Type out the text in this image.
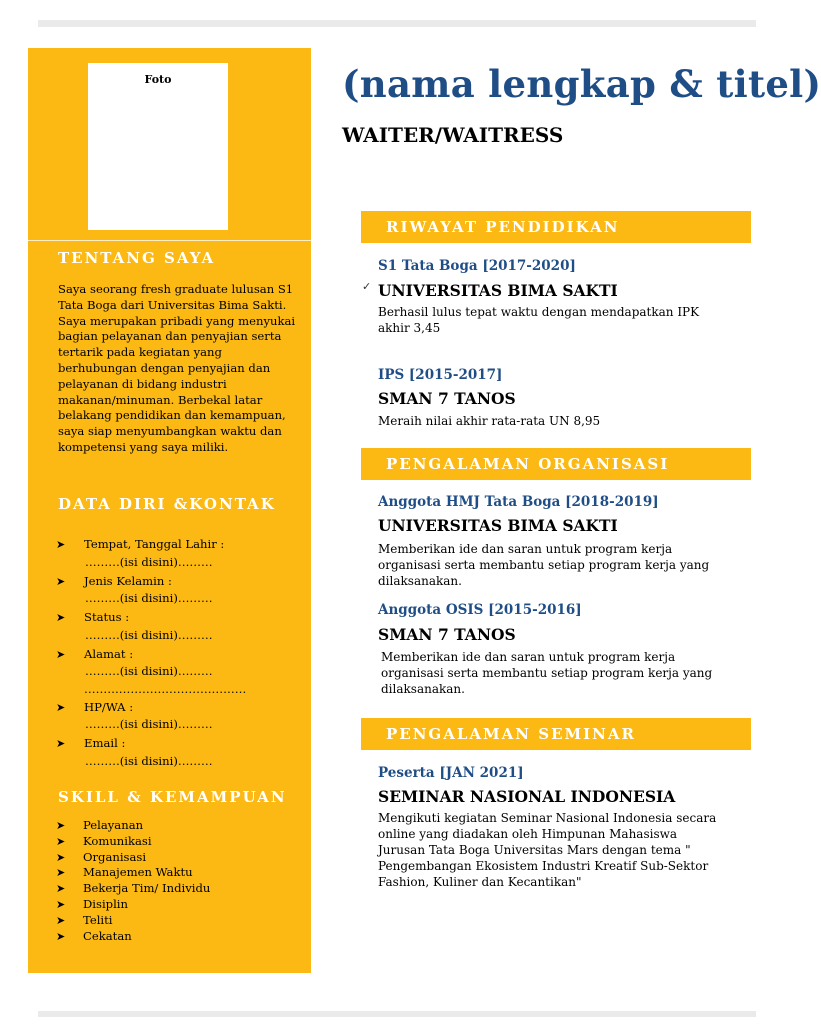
Foto
TENTANG SAYA

Saya seorang fresh graduate lulusan S1 Tata Boga dari Universitas Bima Sakti. Saya merupakan pribadi yang menyukai bagian pelayanan dan penyajian serta tertarik pada kegiatan yang berhubungan dengan penyajian dan pelayanan di bidang industri makanan/minuman. Berbekal latar belakang pendidikan dan kemampuan, saya siap menyumbangkan waktu dan kompetensi yang saya miliki.

DATA DIRI &KONTAK
➤ Tempat, Tanggal Lahir :
………(isi disini)………
➤ Jenis Kelamin :
………(isi disini)………
➤ Status :
………(isi disini)………
➤ Alamat :
………(isi disini)………
……………………………………
➤ HP/WA :
………(isi disini)………
➤ Email :
………(isi disini)………
SKILL & KEMAMPUAN
➤ Pelayanan
➤ Komunikasi
➤ Organisasi
➤ Manajemen Waktu
➤ Bekerja Tim/ Individu
➤ Disiplin
➤ Teliti
➤ Cekatan
(nama lengkap & titel)
WAITER/WAITRESS
RIWAYAT PENDIDIKAN
S1 Tata Boga [2017-2020]
✓ UNIVERSITAS BIMA SAKTI
Berhasil lulus tepat waktu dengan mendapatkan IPK akhir 3,45
IPS [2015-2017]
SMAN 7 TANOS
Meraih nilai akhir rata-rata UN 8,95
PENGALAMAN ORGANISASI
Anggota HMJ Tata Boga [2018-2019]
UNIVERSITAS BIMA SAKTI
Memberikan ide dan saran untuk program kerja organisasi serta membantu setiap program kerja yang dilaksanakan.
Anggota OSIS [2015-2016]
SMAN 7 TANOS
Memberikan ide dan saran untuk program kerja organisasi serta membantu setiap program kerja yang dilaksanakan.
PENGALAMAN SEMINAR
Peserta [JAN 2021]
SEMINAR NASIONAL INDONESIA
Mengikuti kegiatan Seminar Nasional Indonesia secara online yang diadakan oleh Himpunan Mahasiswa Jurusan Tata Boga Universitas Mars dengan tema " Pengembangan Ekosistem Industri Kreatif Sub-Sektor Fashion, Kuliner dan Kecantikan"
